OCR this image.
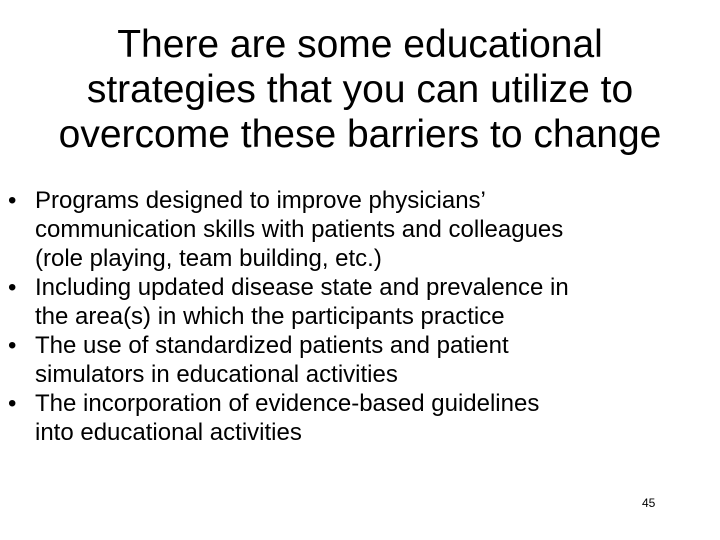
There are some educational
strategies that you can utilize to
overcome these barriers to change
• Programs designed to improve physicians’
communication skills with patients and colleagues
(role playing, team building, etc.)
• Including updated disease state and prevalence in
the area(s) in which the participants practice
• The use of standardized patients and patient
simulators in educational activities
• The incorporation of evidence-based guidelines
into educational activities
45
